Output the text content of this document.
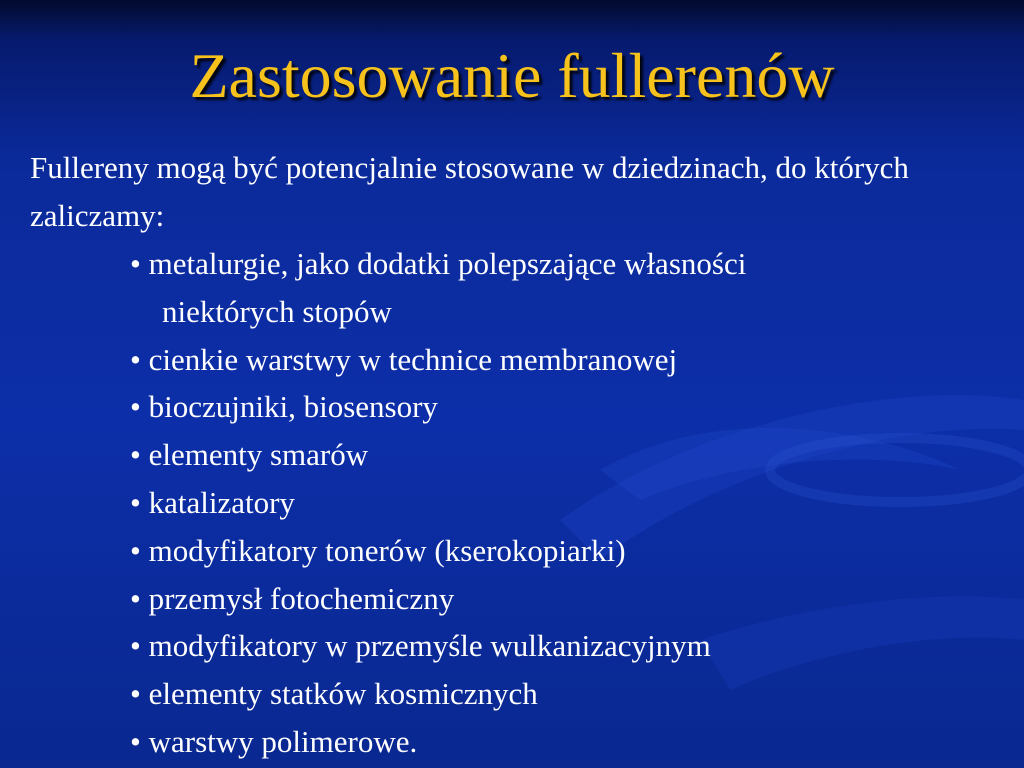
Zastosowanie fullerenów

Fullereny mogą być potencjalnie stosowane w dziedzinach, do których zaliczamy:

• metalurgie, jako dodatki polepszające własności
niektórych stopów
• cienkie warstwy w technice membranowej
• bioczujniki, biosensory
• elementy smarów
• katalizatory
• modyfikatory tonerów (kserokopiarki)
• przemysł fotochemiczny
• modyfikatory w przemyśle wulkanizacyjnym
• elementy statków kosmicznych
• warstwy polimerowe.
